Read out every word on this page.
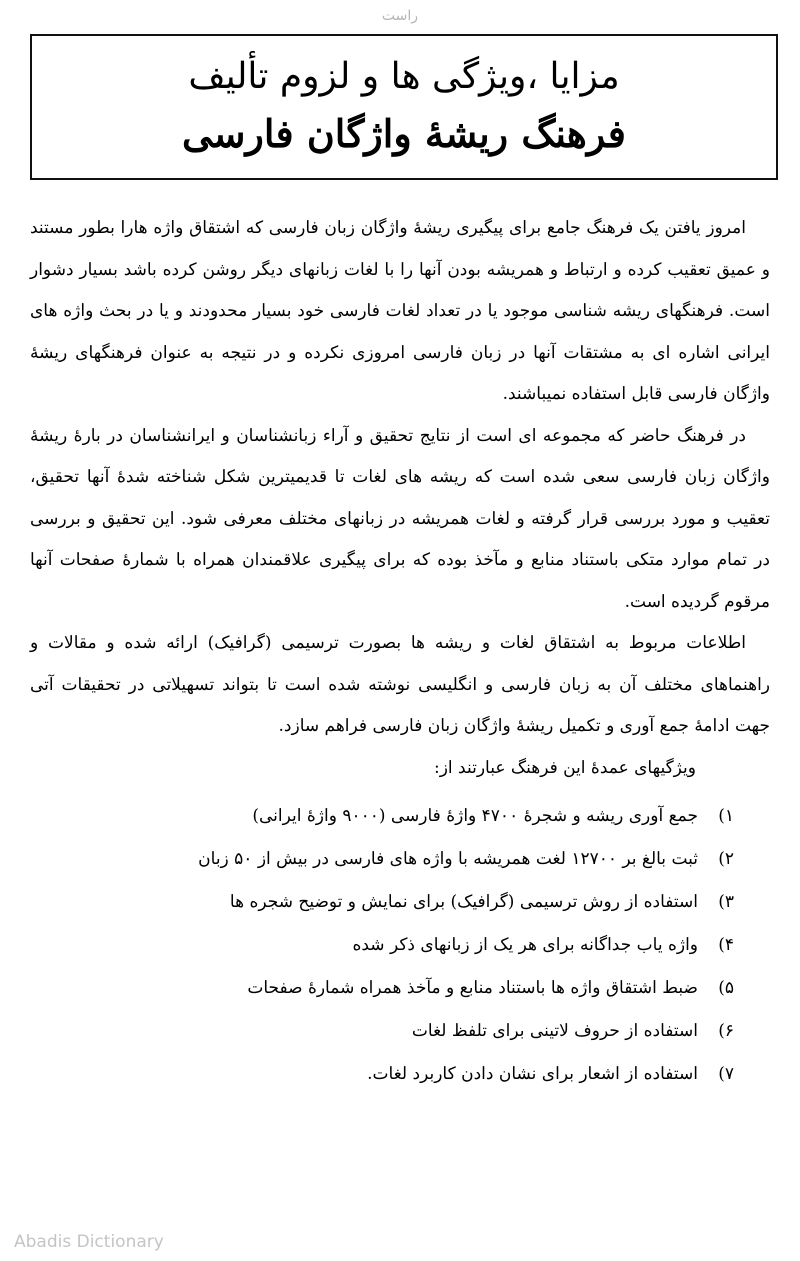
راست
مزایا ،ویژگی ها و لزوم تألیف
فرهنگ ریشۀ واژگان فارسی

امروز یافتن یک فرهنگ جامع برای پیگیری ریشۀ واژگان زبان فارسی که اشتقاق واژه هارا بطور مستند و عمیق تعقیب کرده و ارتباط و همریشه بودن آنها را با لغات زبانهای دیگر روشن کرده باشد بسیار دشوار است. فرهنگهای ریشه شناسی موجود یا در تعداد لغات فارسی خود بسیار محدودند و یا در بحث واژه های ایرانی اشاره ای به مشتقات آنها در زبان فارسی امروزی نکرده و در نتیجه به عنوان فرهنگهای ریشۀ واژگان فارسی قابل استفاده نمیباشند.

در فرهنگ حاضر که مجموعه ای است از نتایج تحقیق و آراء زبانشناسان و ایرانشناسان در بارۀ ریشۀ واژگان زبان فارسی سعی شده است که ریشه های لغات تا قدیمیترین شکل شناخته شدۀ آنها تحقیق، تعقیب و مورد بررسی قرار گرفته و لغات همریشه در زبانهای مختلف معرفی شود. این تحقیق و بررسی در تمام موارد متکی باستناد منابع و مآخذ بوده که برای پیگیری علاقمندان همراه با شمارۀ صفحات آنها مرقوم گردیده است.

اطلاعات مربوط به اشتقاق لغات و ریشه ها بصورت ترسیمی (گرافیک) ارائه شده و مقالات و راهنماهای مختلف آن به زبان فارسی و انگلیسی نوشته شده است تا بتواند تسهیلاتی در تحقیقات آتی جهت ادامۀ جمع آوری و تکمیل ریشۀ واژگان زبان فارسی فراهم سازد.

ویژگیهای عمدۀ این فرهنگ عبارتند از:

۱)
جمع آوری ریشه و شجرۀ ۴۷۰۰ واژۀ فارسی (۹۰۰۰ واژۀ ایرانی)
۲)
ثبت بالغ بر ۱۲۷۰۰ لغت همریشه با واژه های فارسی در بیش از ۵۰ زبان
۳)
استفاده از روش ترسیمی (گرافیک) برای نمایش و توضیح شجره ها
۴)
واژه یاب جداگانه برای هر یک از زبانهای ذکر شده
۵)
ضبط اشتقاق واژه ها باستناد منابع و مآخذ همراه شمارۀ صفحات
۶)
استفاده از حروف لاتینی برای تلفظ لغات
۷)
استفاده از اشعار برای نشان دادن کاربرد لغات.
Abadis Dictionary
